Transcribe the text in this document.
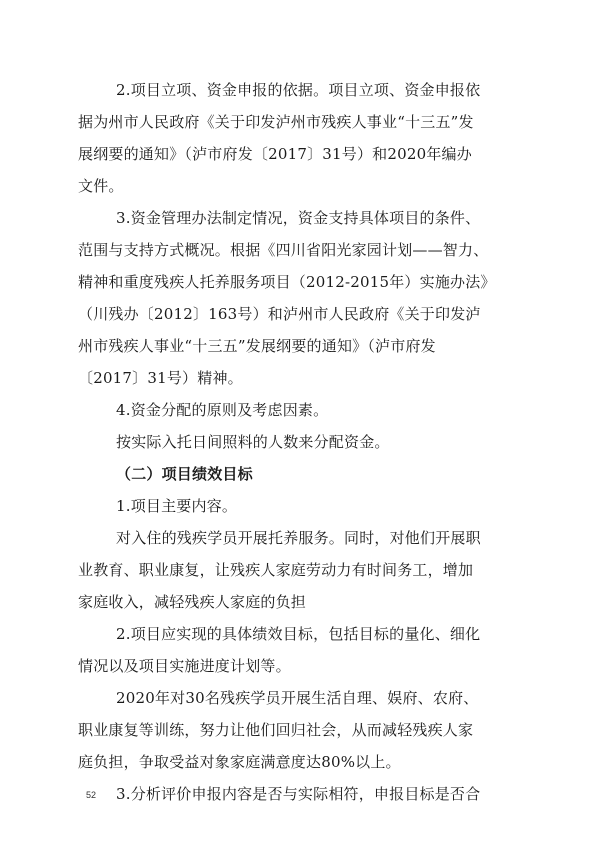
2.项目立项、资金申报的依据。项目立项、资金申报依
据为州市人民政府《关于印发泸州市残疾人事业“十三五”发
展纲要的通知》（泸市府发〔2017〕31号）和2020年编办
文件。
3.资金管理办法制定情况，资金支持具体项目的条件、
范围与支持方式概况。根据《四川省阳光家园计划——智力、
精神和重度残疾人托养服务项目（2012-2015年）实施办法》
（川残办〔2012〕163号）和泸州市人民政府《关于印发泸
州市残疾人事业“十三五”发展纲要的通知》（泸市府发
〔2017〕31号）精神。
4.资金分配的原则及考虑因素。
按实际入托日间照料的人数来分配资金。
（二）项目绩效目标
1.项目主要内容。
对入住的残疾学员开展托养服务。同时，对他们开展职
业教育、职业康复，让残疾人家庭劳动力有时间务工，增加
家庭收入，减轻残疾人家庭的负担
2.项目应实现的具体绩效目标，包括目标的量化、细化
情况以及项目实施进度计划等。
2020年对30名残疾学员开展生活自理、娱府、农府、
职业康复等训练，努力让他们回归社会，从而减轻残疾人家
庭负担，争取受益对象家庭满意度达80%以上。
3.分析评价申报内容是否与实际相符，申报目标是否合
52
